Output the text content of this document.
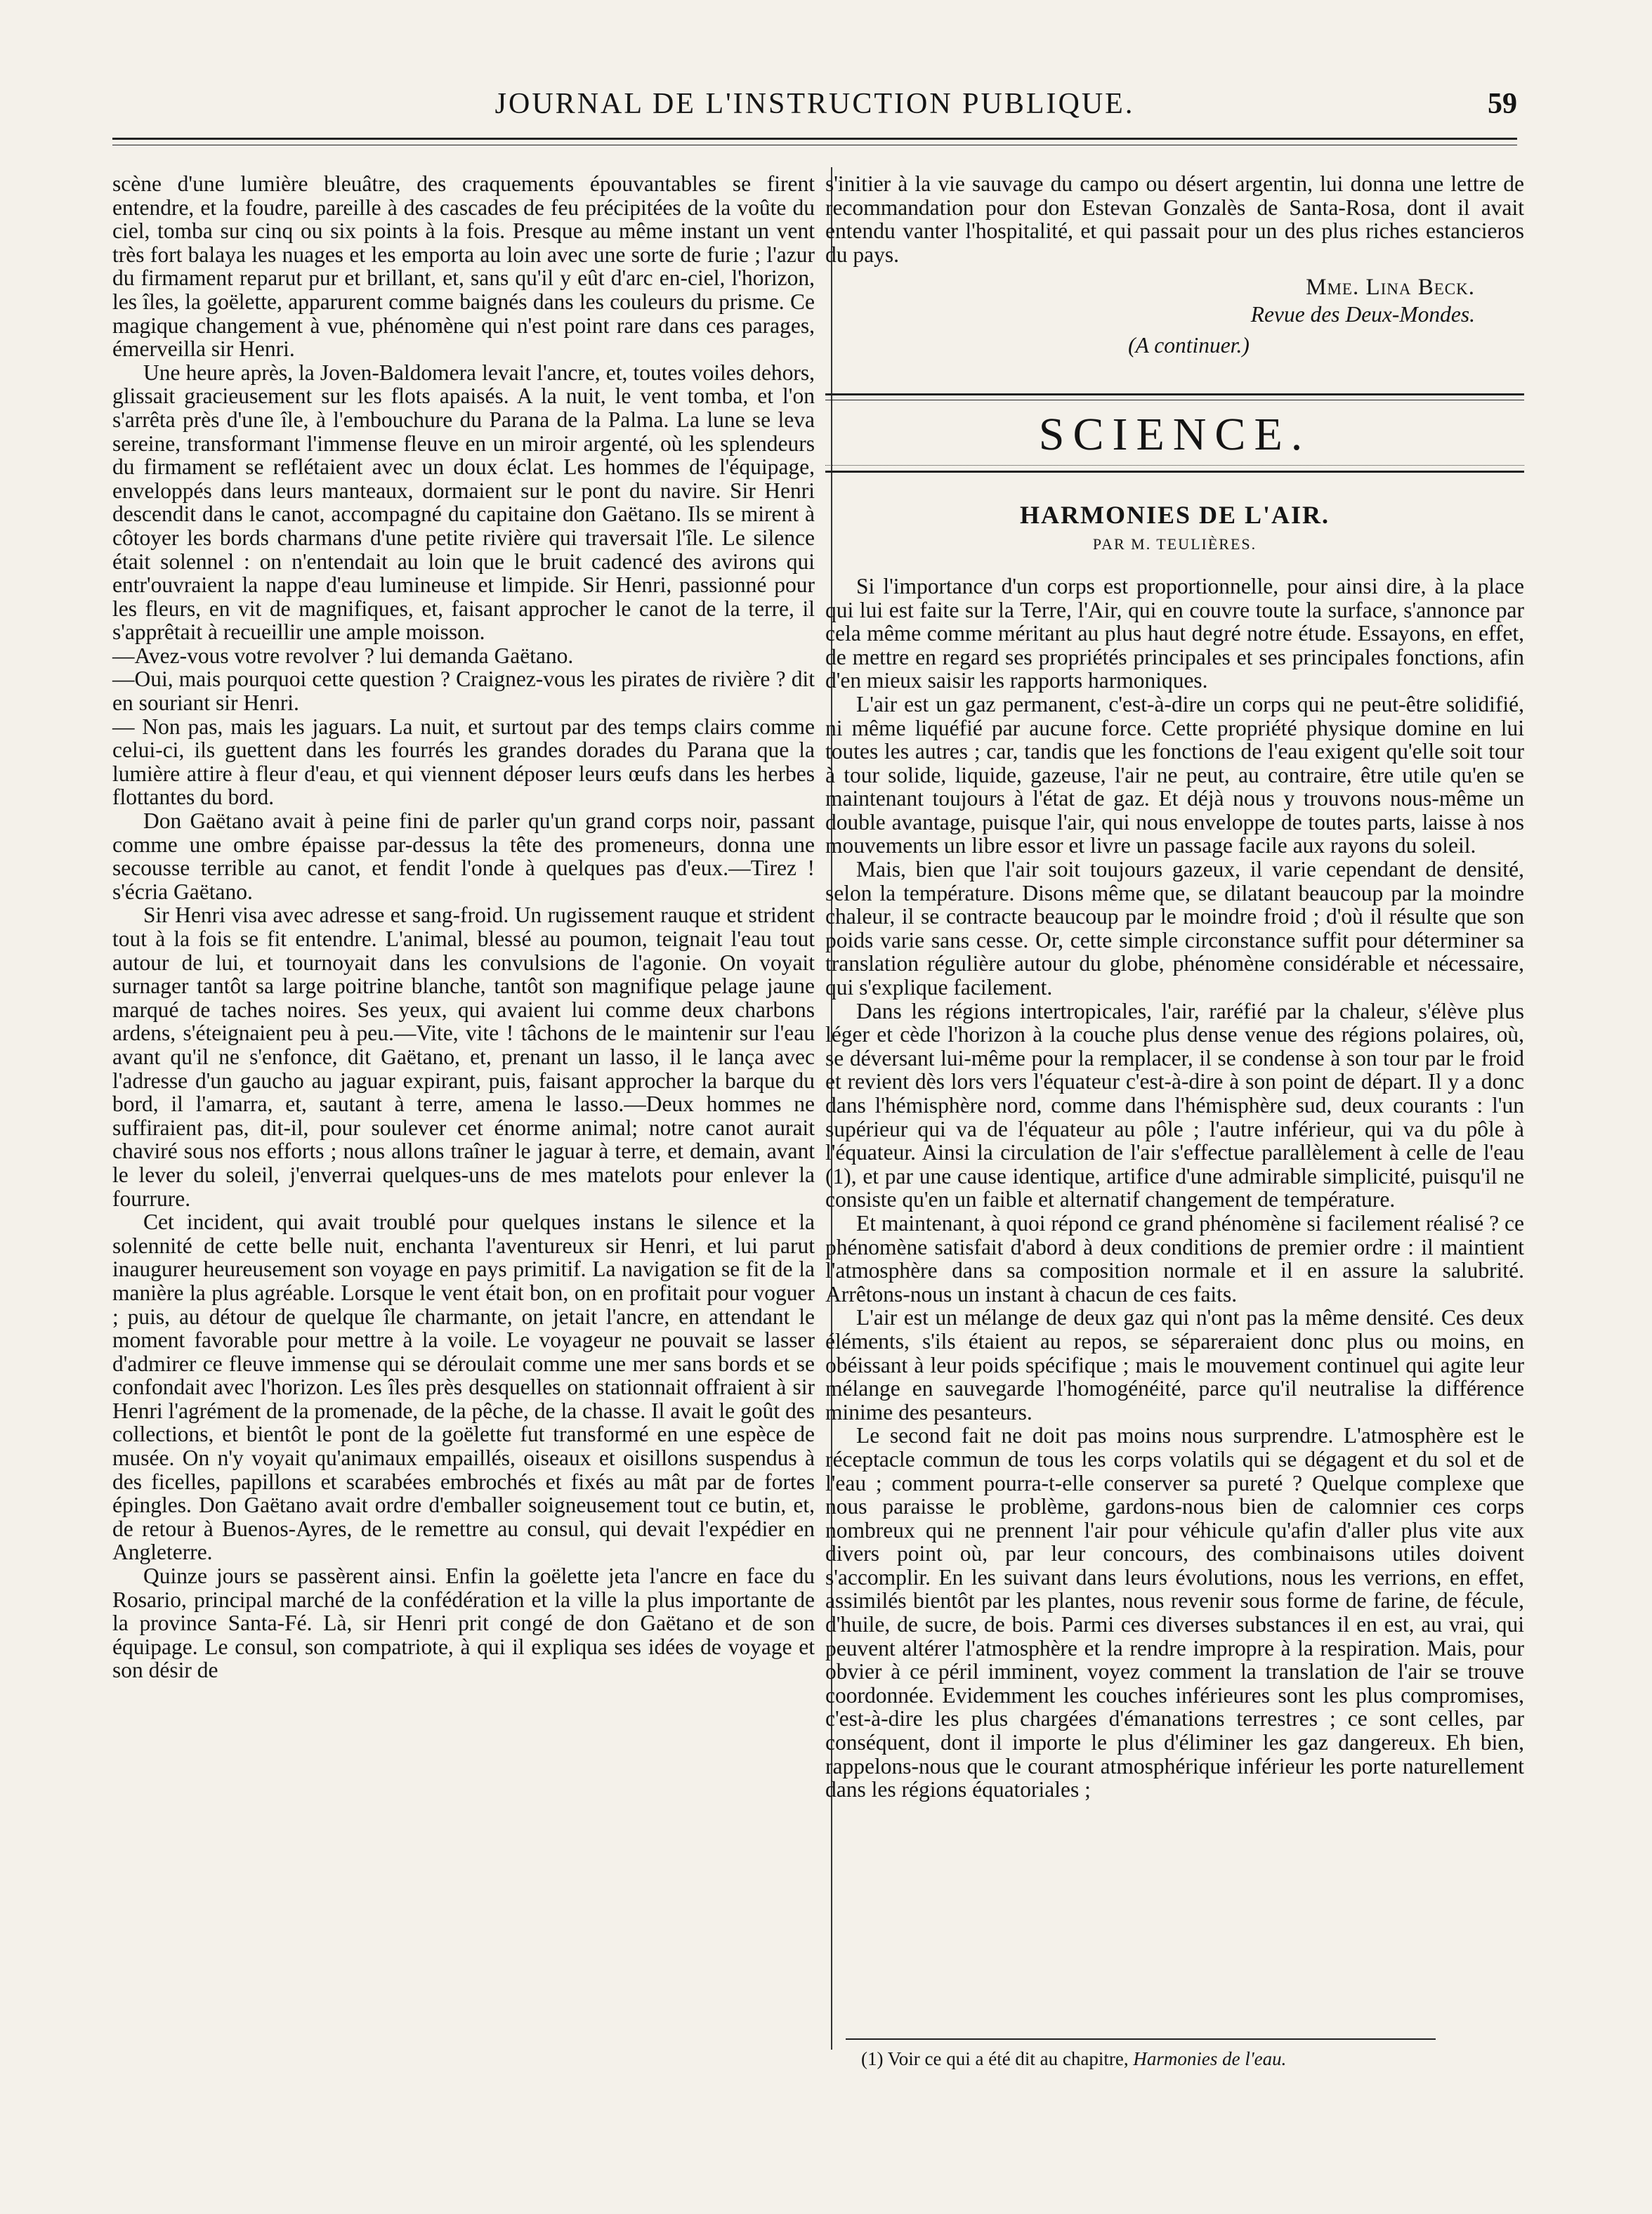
JOURNAL DE L'INSTRUCTION PUBLIQUE.	59

scène d'une lumière bleuâtre, des craquements épouvantables se firent entendre, et la foudre, pareille à des cascades de feu précipitées de la voûte du ciel, tomba sur cinq ou six points à la fois. Presque au même instant un vent très fort balaya les nuages et les emporta au loin avec une sorte de furie ; l'azur du firmament reparut pur et brillant, et, sans qu'il y eût d'arc en-ciel, l'horizon, les îles, la goëlette, apparurent comme baignés dans les couleurs du prisme. Ce magique changement à vue, phénomène qui n'est point rare dans ces parages, émerveilla sir Henri.

Une heure après, la Joven-Baldomera levait l'ancre, et, toutes voiles dehors, glissait gracieusement sur les flots apaisés. A la nuit, le vent tomba, et l'on s'arrêta près d'une île, à l'embouchure du Parana de la Palma. La lune se leva sereine, transformant l'immense fleuve en un miroir argenté, où les splendeurs du firmament se reflétaient avec un doux éclat. Les hommes de l'équipage, enveloppés dans leurs manteaux, dormaient sur le pont du navire. Sir Henri descendit dans le canot, accompagné du capitaine don Gaëtano. Ils se mirent à côtoyer les bords charmans d'une petite rivière qui traversait l'île. Le silence était solennel : on n'entendait au loin que le bruit cadencé des avirons qui entr'ouvraient la nappe d'eau lumineuse et limpide. Sir Henri, passionné pour les fleurs, en vit de magnifiques, et, faisant approcher le canot de la terre, il s'apprêtait à recueillir une ample moisson.

—Avez-vous votre revolver ? lui demanda Gaëtano.

—Oui, mais pourquoi cette question ? Craignez-vous les pirates de rivière ? dit en souriant sir Henri.

— Non pas, mais les jaguars. La nuit, et surtout par des temps clairs comme celui-ci, ils guettent dans les fourrés les grandes dorades du Parana que la lumière attire à fleur d'eau, et qui viennent déposer leurs œufs dans les herbes flottantes du bord.

Don Gaëtano avait à peine fini de parler qu'un grand corps noir, passant comme une ombre épaisse par-dessus la tête des promeneurs, donna une secousse terrible au canot, et fendit l'onde à quelques pas d'eux.—Tirez ! s'écria Gaëtano.

Sir Henri visa avec adresse et sang-froid. Un rugissement rauque et strident tout à la fois se fit entendre. L'animal, blessé au poumon, teignait l'eau tout autour de lui, et tournoyait dans les convulsions de l'agonie. On voyait surnager tantôt sa large poitrine blanche, tantôt son magnifique pelage jaune marqué de taches noires. Ses yeux, qui avaient lui comme deux charbons ardens, s'éteignaient peu à peu.—Vite, vite ! tâchons de le maintenir sur l'eau avant qu'il ne s'enfonce, dit Gaëtano, et, prenant un lasso, il le lança avec l'adresse d'un gaucho au jaguar expirant, puis, faisant approcher la barque du bord, il l'amarra, et, sautant à terre, amena le lasso.—Deux hommes ne suffiraient pas, dit-il, pour soulever cet énorme animal; notre canot aurait chaviré sous nos efforts ; nous allons traîner le jaguar à terre, et demain, avant le lever du soleil, j'enverrai quelques-uns de mes matelots pour enlever la fourrure.

Cet incident, qui avait troublé pour quelques instans le silence et la solennité de cette belle nuit, enchanta l'aventureux sir Henri, et lui parut inaugurer heureusement son voyage en pays primitif. La navigation se fit de la manière la plus agréable. Lorsque le vent était bon, on en profitait pour voguer ; puis, au détour de quelque île charmante, on jetait l'ancre, en attendant le moment favorable pour mettre à la voile. Le voyageur ne pouvait se lasser d'admirer ce fleuve immense qui se déroulait comme une mer sans bords et se confondait avec l'horizon. Les îles près desquelles on stationnait offraient à sir Henri l'agrément de la promenade, de la pêche, de la chasse. Il avait le goût des collections, et bientôt le pont de la goëlette fut transformé en une espèce de musée. On n'y voyait qu'animaux empaillés, oiseaux et oisillons suspendus à des ficelles, papillons et scarabées embrochés et fixés au mât par de fortes épingles. Don Gaëtano avait ordre d'emballer soigneusement tout ce butin, et, de retour à Buenos-Ayres, de le remettre au consul, qui devait l'expédier en Angleterre.

Quinze jours se passèrent ainsi. Enfin la goëlette jeta l'ancre en face du Rosario, principal marché de la confédération et la ville la plus importante de la province Santa-Fé. Là, sir Henri prit congé de don Gaëtano et de son équipage. Le consul, son compatriote, à qui il expliqua ses idées de voyage et son désir de

s'initier à la vie sauvage du campo ou désert argentin, lui donna une lettre de recommandation pour don Estevan Gonzalès de Santa-Rosa, dont il avait entendu vanter l'hospitalité, et qui passait pour un des plus riches estancieros du pays.

Mme. Lina Beck.
Revue des Deux-Mondes.
(A continuer.)
SCIENCE.
HARMONIES DE L'AIR.
PAR M. TEULIÈRES.

Si l'importance d'un corps est proportionnelle, pour ainsi dire, à la place qui lui est faite sur la Terre, l'Air, qui en couvre toute la surface, s'annonce par cela même comme méritant au plus haut degré notre étude. Essayons, en effet, de mettre en regard ses propriétés principales et ses principales fonctions, afin d'en mieux saisir les rapports harmoniques.

L'air est un gaz permanent, c'est-à-dire un corps qui ne peut-être solidifié, ni même liquéfié par aucune force. Cette propriété physique domine en lui toutes les autres ; car, tandis que les fonctions de l'eau exigent qu'elle soit tour à tour solide, liquide, gazeuse, l'air ne peut, au contraire, être utile qu'en se maintenant toujours à l'état de gaz. Et déjà nous y trouvons nous-même un double avantage, puisque l'air, qui nous enveloppe de toutes parts, laisse à nos mouvements un libre essor et livre un passage facile aux rayons du soleil.

Mais, bien que l'air soit toujours gazeux, il varie cependant de densité, selon la température. Disons même que, se dilatant beaucoup par la moindre chaleur, il se contracte beaucoup par le moindre froid ; d'où il résulte que son poids varie sans cesse. Or, cette simple circonstance suffit pour déterminer sa translation régulière autour du globe, phénomène considérable et nécessaire, qui s'explique facilement.

Dans les régions intertropicales, l'air, raréfié par la chaleur, s'élève plus léger et cède l'horizon à la couche plus dense venue des régions polaires, où, se déversant lui-même pour la remplacer, il se condense à son tour par le froid et revient dès lors vers l'équateur c'est-à-dire à son point de départ. Il y a donc dans l'hémisphère nord, comme dans l'hémisphère sud, deux courants : l'un supérieur qui va de l'équateur au pôle ; l'autre inférieur, qui va du pôle à l'équateur. Ainsi la circulation de l'air s'effectue parallèlement à celle de l'eau (1), et par une cause identique, artifice d'une admirable simplicité, puisqu'il ne consiste qu'en un faible et alternatif changement de température.

Et maintenant, à quoi répond ce grand phénomène si facilement réalisé ? ce phénomène satisfait d'abord à deux conditions de premier ordre : il maintient l'atmosphère dans sa composition normale et il en assure la salubrité. Arrêtons-nous un instant à chacun de ces faits.

L'air est un mélange de deux gaz qui n'ont pas la même densité. Ces deux éléments, s'ils étaient au repos, se sépareraient donc plus ou moins, en obéissant à leur poids spécifique ; mais le mouvement continuel qui agite leur mélange en sauvegarde l'homogénéité, parce qu'il neutralise la différence minime des pesanteurs.

Le second fait ne doit pas moins nous surprendre. L'atmosphère est le réceptacle commun de tous les corps volatils qui se dégagent et du sol et de l'eau ; comment pourra-t-elle conserver sa pureté ? Quelque complexe que nous paraisse le problème, gardons-nous bien de calomnier ces corps nombreux qui ne prennent l'air pour véhicule qu'afin d'aller plus vite aux divers point où, par leur concours, des combinaisons utiles doivent s'accomplir. En les suivant dans leurs évolutions, nous les verrions, en effet, assimilés bientôt par les plantes, nous revenir sous forme de farine, de fécule, d'huile, de sucre, de bois. Parmi ces diverses substances il en est, au vrai, qui peuvent altérer l'atmosphère et la rendre impropre à la respiration. Mais, pour obvier à ce péril imminent, voyez comment la translation de l'air se trouve coordonnée. Evidemment les couches inférieures sont les plus compromises, c'est-à-dire les plus chargées d'émanations terrestres ; ce sont celles, par conséquent, dont il importe le plus d'éliminer les gaz dangereux. Eh bien, rappelons-nous que le courant atmosphérique inférieur les porte naturellement dans les régions équatoriales ;

(1) Voir ce qui a été dit au chapitre, Harmonies de l'eau.
